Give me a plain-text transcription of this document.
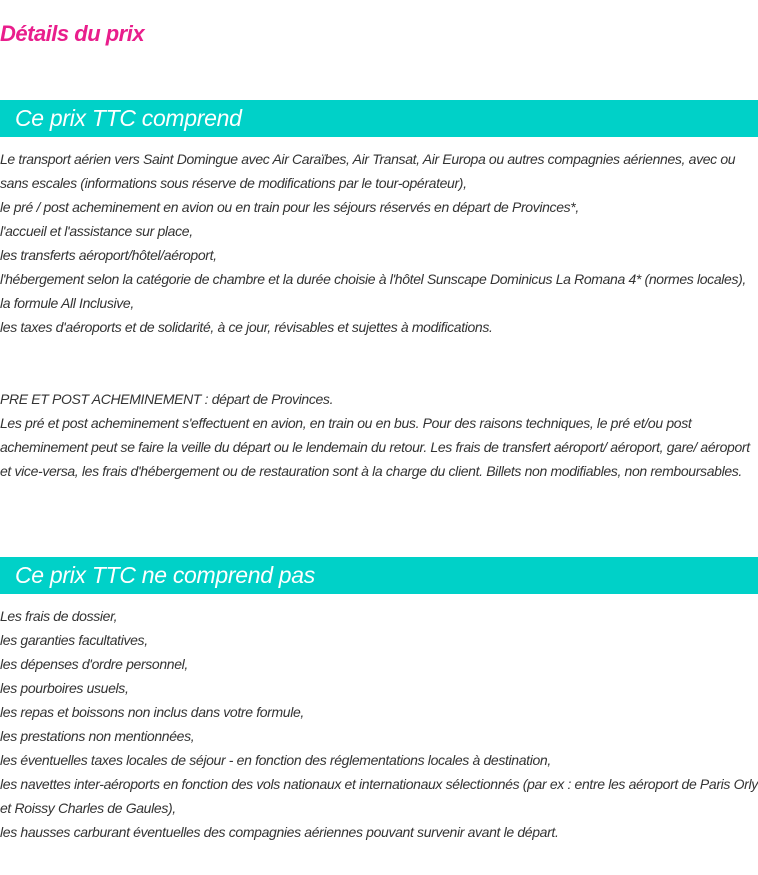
Détails du prix
Ce prix TTC comprend
Le transport aérien vers Saint Domingue avec Air Caraïbes, Air Transat, Air Europa ou autres compagnies aériennes, avec ou sans escales (informations sous réserve de modifications par le tour-opérateur),
le pré / post acheminement en avion ou en train pour les séjours réservés en départ de Provinces*,
l'accueil et l'assistance sur place,
les transferts aéroport/hôtel/aéroport,
l'hébergement selon la catégorie de chambre et la durée choisie à l'hôtel Sunscape Dominicus La Romana 4* (normes locales),
la formule All Inclusive,
les taxes d'aéroports et de solidarité, à ce jour, révisables et sujettes à modifications.
PRE ET POST ACHEMINEMENT : départ de Provinces.
Les pré et post acheminement s'effectuent en avion, en train ou en bus. Pour des raisons techniques, le pré et/ou post acheminement peut se faire la veille du départ ou le lendemain du retour. Les frais de transfert aéroport/ aéroport, gare/ aéroport et vice-versa, les frais d'hébergement ou de restauration sont à la charge du client. Billets non modifiables, non remboursables.
Ce prix TTC ne comprend pas
Les frais de dossier,
les garanties facultatives,
les dépenses d'ordre personnel,
les pourboires usuels,
les repas et boissons non inclus dans votre formule,
les prestations non mentionnées,
les éventuelles taxes locales de séjour - en fonction des réglementations locales à destination,
les navettes inter-aéroports en fonction des vols nationaux et internationaux sélectionnés (par ex : entre les aéroport de Paris Orly et Roissy Charles de Gaules),
les hausses carburant éventuelles des compagnies aériennes pouvant survenir avant le départ.
